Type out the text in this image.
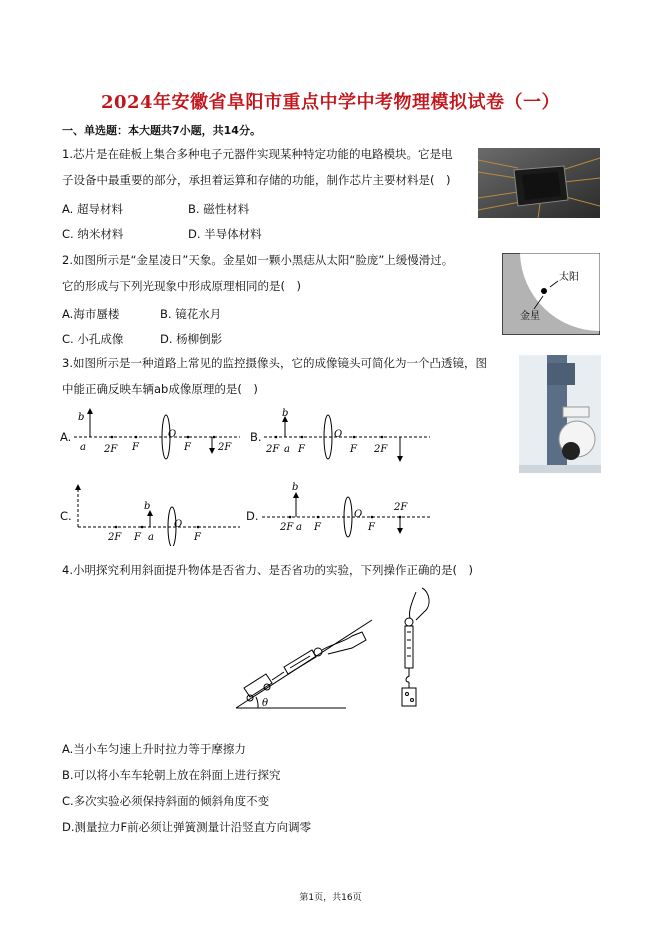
2024年安徽省阜阳市重点中学中考物理模拟试卷（一）
一、单选题：本大题共7小题，共14分。
1.芯片是在硅板上集合多种电子元器件实现某种特定功能的电路模块。它是电
子设备中最重要的部分，承担着运算和存储的功能，制作芯片主要材料是(　)
A. 超导材料	B. 磁性材料
C. 纳米材料	D. 半导体材料
2.如图所示是“金星凌日”天象。金星如一颗小黑痣从太阳“脸庞”上缓慢滑过。
它的形成与下列光现象中形成原理相同的是(　)
A.海市蜃楼	B. 镜花水月
C. 小孔成像	D. 杨柳倒影
太阳
金星
3.如图所示是一种道路上常见的监控摄像头，它的成像镜头可简化为一个凸透镜，图
中能正确反映车辆ab成像原理的是(　)
A.	B.
C.	D.
b
a 2F F
O
F	2F
b
2F a F
O
F 2F
b
2F F a
O
F
b
2F a F
O
F
2F
4.小明探究利用斜面提升物体是否省力、是否省功的实验，下列操作正确的是(　)
θ
A.当小车匀速上升时拉力等于摩擦力
B.可以将小车车轮朝上放在斜面上进行探究
C.多次实验必须保持斜面的倾斜角度不变
D.测量拉力F前必须让弹簧测量计沿竖直方向调零
第1页，共16页
